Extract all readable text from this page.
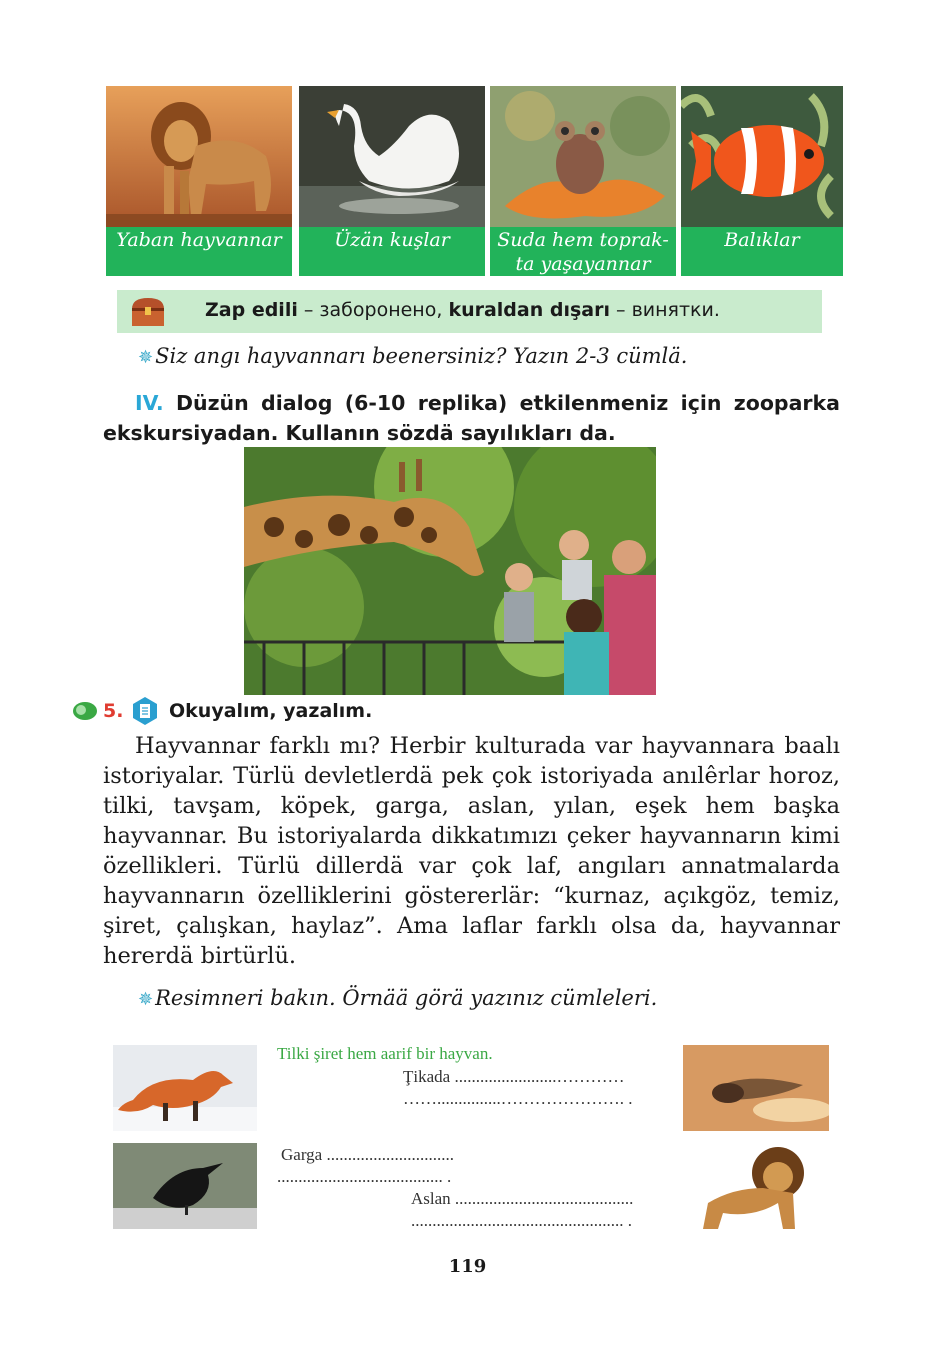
Yaban hayvannar	Üzän kuşlar	Suda hem toprak-
ta yaşayannar
Balıklar
Zap edili – заборонено, kuraldan dışarı – винятки.
✵Siz angı hayvannarı beenersiniz? Yazın 2-3 cümlä.
IV. Düzün dialog (6-10 replika) etkilenmeniz için zooparka ekskursiyadan. Kullanın sözdä sayılıkları da.
5. Okuyalım, yazalım.

Hayvannar farklı mı? Herbir kulturada var hayvannara baalı istoriyalar. Türlü devletlerdä pek çok istoriyada anılêrlar horoz, tilki, tavşam, köpek, garga, aslan, yılan, eşek hem başka hayvannar. Bu istoriyalarda dikkatımızı çeker hayvannarın kimi özellikleri. Türlü dillerdä var çok laf, angıları annatmalarda hayvannarın özelliklerini göstererlär: “kurnaz, açıkgöz, temiz, şiret, çalışkan, haylaz”. Ama laflar farklı olsa da, hayvannar hererdä birtürlü.

✵Resimneri bakın. Örnää görä yazınız cümleleri.
Tilki şiret hem aarif bir hayvan.
Ţikada ........................…………
……...............…………………. .
Garga ..............................
....................................... .
Aslan ..........................................
.................................................. .
119
